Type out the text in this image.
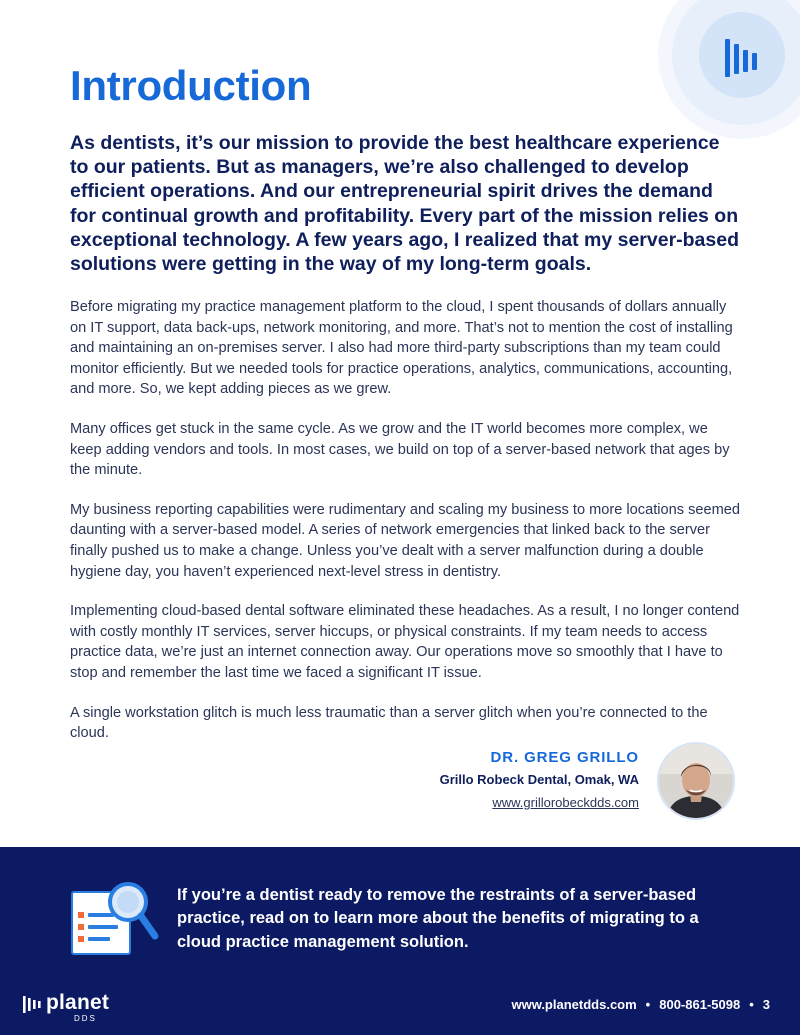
Introduction

As dentists, it’s our mission to provide the best healthcare experience to our patients. But as managers, we’re also challenged to develop efficient operations. And our entrepreneurial spirit drives the demand for continual growth and profitability. Every part of the mission relies on exceptional technology. A few years ago, I realized that my server-based solutions were getting in the way of my long-term goals.

Before migrating my practice management platform to the cloud, I spent thousands of dollars annually on IT support, data back-ups, network monitoring, and more. That’s not to mention the cost of installing and maintaining an on-premises server. I also had more third-party subscriptions than my team could monitor efficiently. But we needed tools for practice operations, analytics, communications, accounting, and more. So, we kept adding pieces as we grew.

Many offices get stuck in the same cycle. As we grow and the IT world becomes more complex, we keep adding vendors and tools. In most cases, we build on top of a server-based network that ages by the minute.

My business reporting capabilities were rudimentary and scaling my business to more locations seemed daunting with a server-based model. A series of network emergencies that linked back to the server finally pushed us to make a change. Unless you’ve dealt with a server malfunction during a double hygiene day, you haven’t experienced next-level stress in dentistry.

Implementing cloud-based dental software eliminated these headaches. As a result, I no longer contend with costly monthly IT services, server hiccups, or physical constraints. If my team needs to access practice data, we’re just an internet connection away. Our operations move so smoothly that I have to stop and remember the last time we faced a significant IT issue.

A single workstation glitch is much less traumatic than a server glitch when you’re connected to the cloud.

DR. GREG GRILLO

Grillo Robeck Dental, Omak, WA

www.grillorobeckdds.com

If you’re a dentist ready to remove the restraints of a server-based practice, read on to learn more about the benefits of migrating to a cloud practice management solution.

planet

DDS

www.planetdds.com • 800-861-5098 • 3
